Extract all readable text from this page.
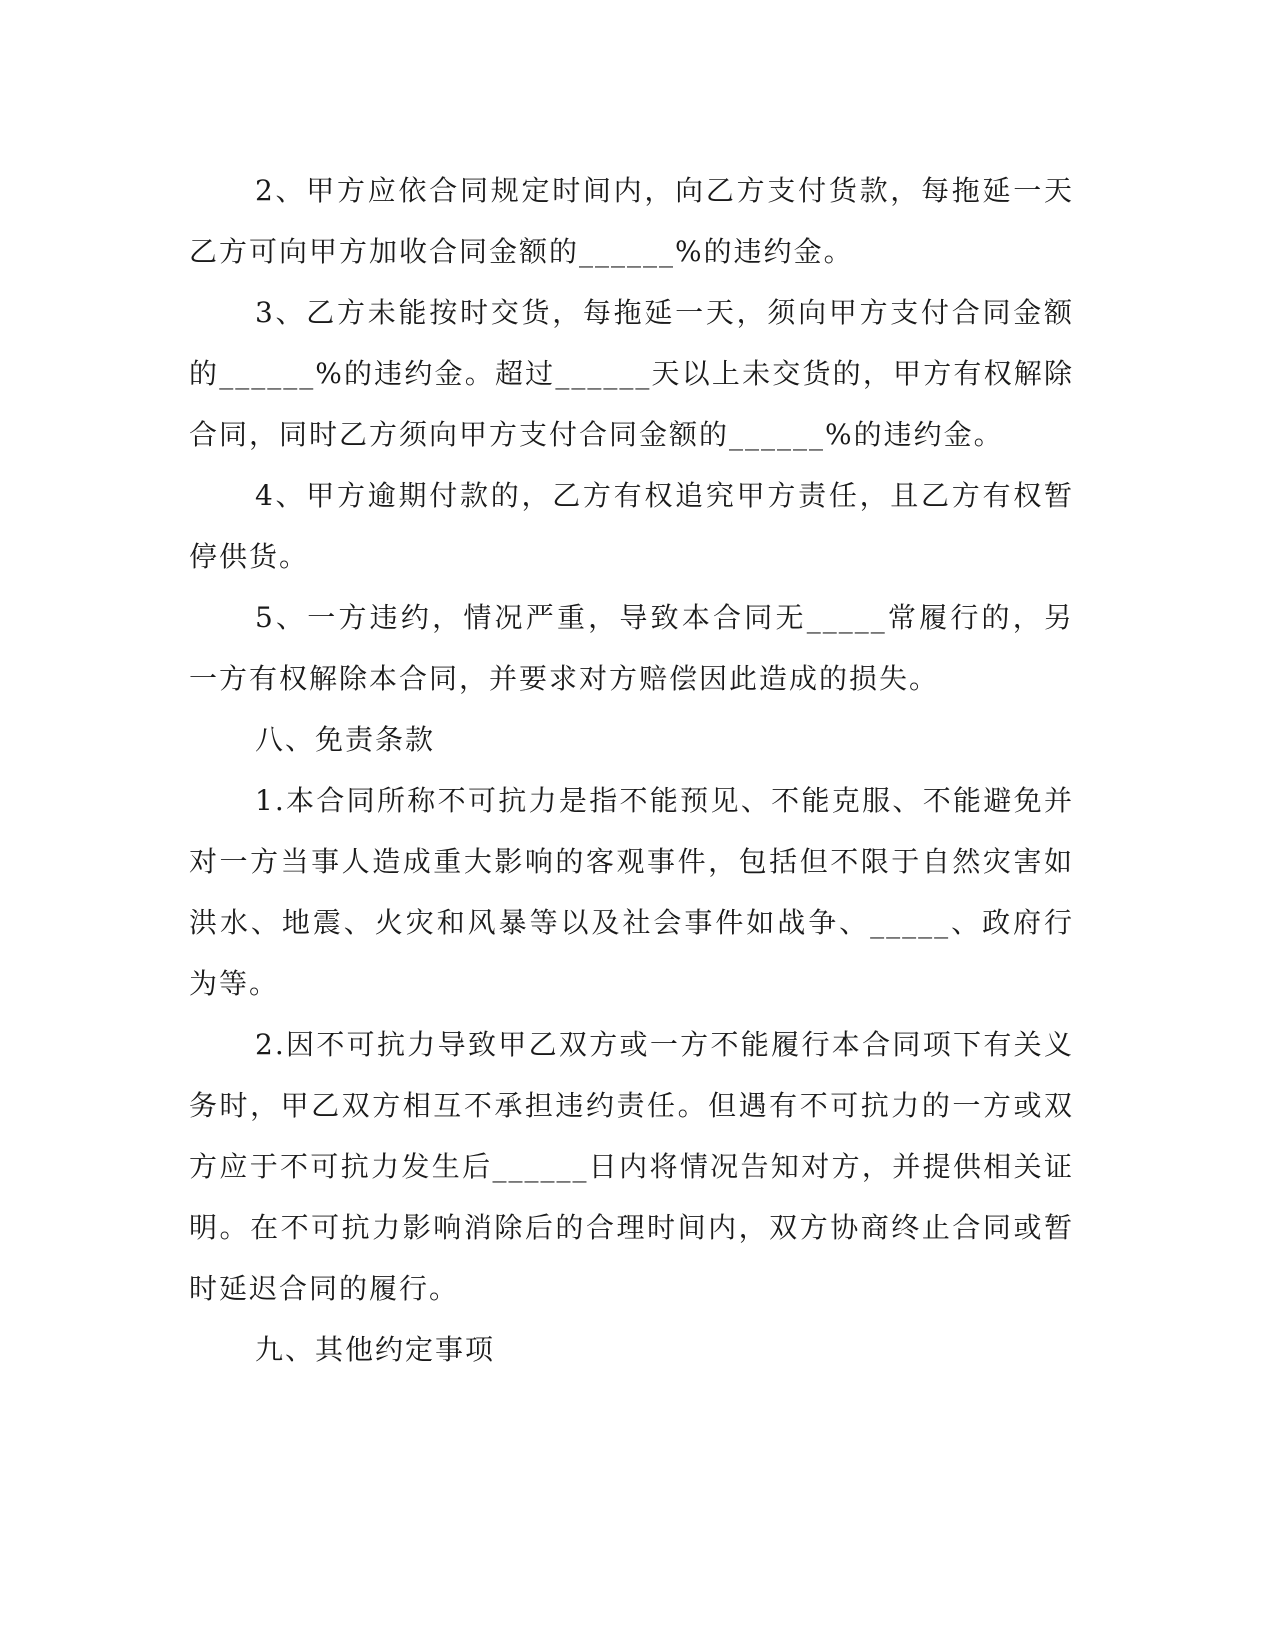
2、甲方应依合同规定时间内，向乙方支付货款，每拖延一天乙方可向甲方加收合同金额的______%的违约金。

3、乙方未能按时交货，每拖延一天，须向甲方支付合同金额的______%的违约金。超过______天以上未交货的，甲方有权解除合同，同时乙方须向甲方支付合同金额的______%的违约金。

4、甲方逾期付款的，乙方有权追究甲方责任，且乙方有权暂停供货。

5、一方违约，情况严重，导致本合同无_____常履行的，另一方有权解除本合同，并要求对方赔偿因此造成的损失。

八、免责条款

1.本合同所称不可抗力是指不能预见、不能克服、不能避免并对一方当事人造成重大影响的客观事件，包括但不限于自然灾害如洪水、地震、火灾和风暴等以及社会事件如战争、_____、政府行为等。

2.因不可抗力导致甲乙双方或一方不能履行本合同项下有关义务时，甲乙双方相互不承担违约责任。但遇有不可抗力的一方或双方应于不可抗力发生后______日内将情况告知对方，并提供相关证明。在不可抗力影响消除后的合理时间内，双方协商终止合同或暂时延迟合同的履行。

九、其他约定事项
